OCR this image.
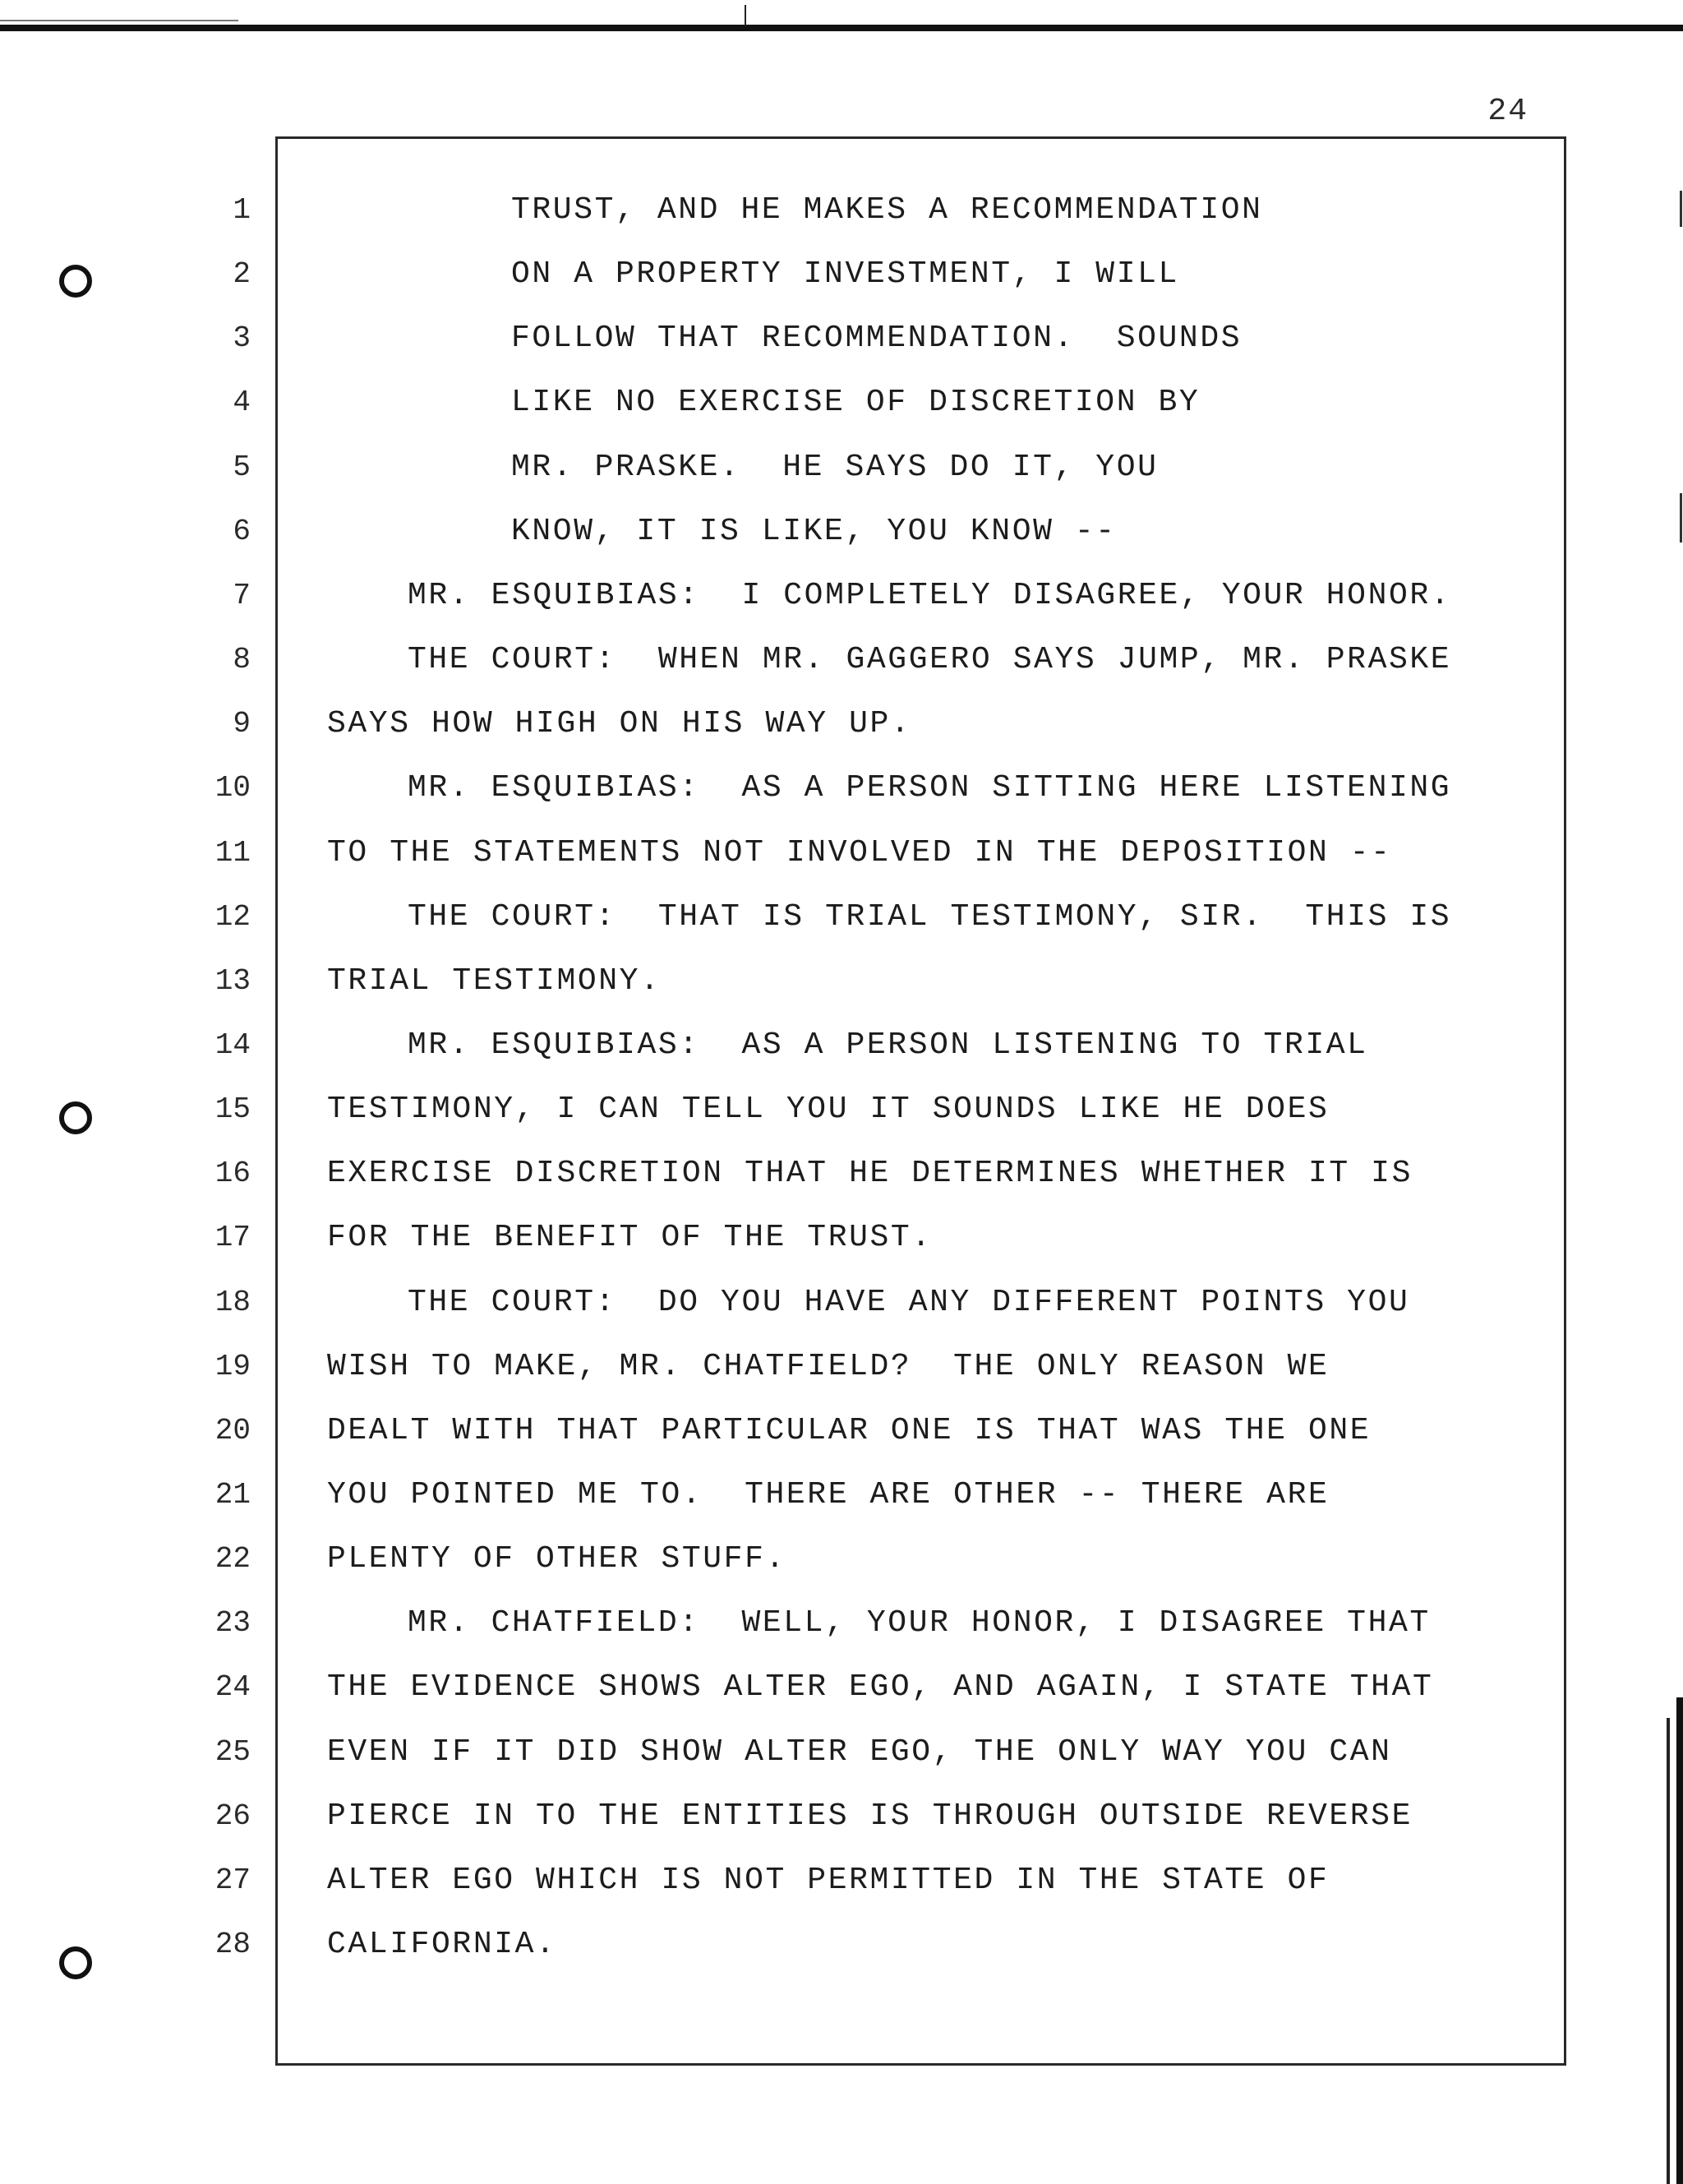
24
1	TRUST, AND HE MAKES A RECOMMENDATION
2	ON A PROPERTY INVESTMENT, I WILL
3	FOLLOW THAT RECOMMENDATION.  SOUNDS
4	LIKE NO EXERCISE OF DISCRETION BY
5	MR. PRASKE.  HE SAYS DO IT, YOU
6	KNOW, IT IS LIKE, YOU KNOW --
7	MR. ESQUIBIAS:  I COMPLETELY DISAGREE, YOUR HONOR.
8	THE COURT:  WHEN MR. GAGGERO SAYS JUMP, MR. PRASKE
9 SAYS HOW HIGH ON HIS WAY UP.
10	MR. ESQUIBIAS:  AS A PERSON SITTING HERE LISTENING
11 TO THE STATEMENTS NOT INVOLVED IN THE DEPOSITION --
12	THE COURT:  THAT IS TRIAL TESTIMONY, SIR.  THIS IS
13 TRIAL TESTIMONY.
14	MR. ESQUIBIAS:  AS A PERSON LISTENING TO TRIAL
15 TESTIMONY, I CAN TELL YOU IT SOUNDS LIKE HE DOES
16 EXERCISE DISCRETION THAT HE DETERMINES WHETHER IT IS
17 FOR THE BENEFIT OF THE TRUST.
18	THE COURT:  DO YOU HAVE ANY DIFFERENT POINTS YOU
19 WISH TO MAKE, MR. CHATFIELD?  THE ONLY REASON WE
20 DEALT WITH THAT PARTICULAR ONE IS THAT WAS THE ONE
21 YOU POINTED ME TO.  THERE ARE OTHER -- THERE ARE
22 PLENTY OF OTHER STUFF.
23	MR. CHATFIELD:  WELL, YOUR HONOR, I DISAGREE THAT
24 THE EVIDENCE SHOWS ALTER EGO, AND AGAIN, I STATE THAT
25 EVEN IF IT DID SHOW ALTER EGO, THE ONLY WAY YOU CAN
26 PIERCE IN TO THE ENTITIES IS THROUGH OUTSIDE REVERSE
27 ALTER EGO WHICH IS NOT PERMITTED IN THE STATE OF
28 CALIFORNIA.
